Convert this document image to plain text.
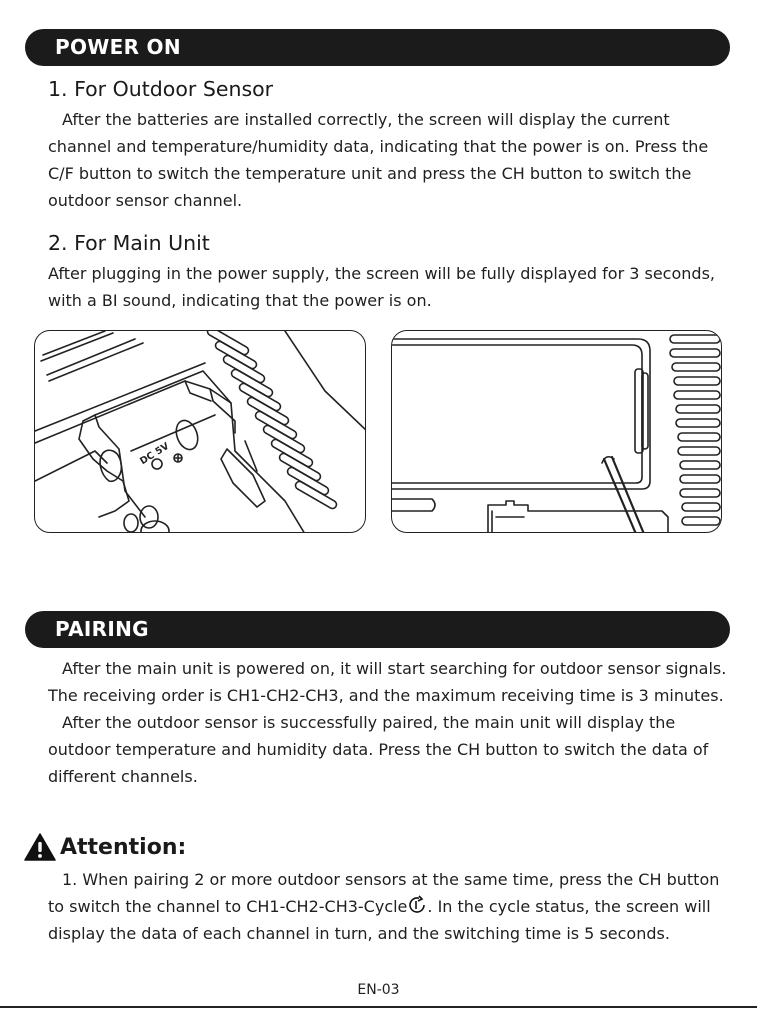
POWER ON
1. For Outdoor Sensor

After the batteries are installed correctly, the screen will display the current channel and temperature/humidity data, indicating that the power is on. Press the C/F button to switch the temperature unit and press the CH button to switch the outdoor sensor channel.

2. For Main Unit

After plugging in the power supply, the screen will be fully displayed for 3 seconds, with a BI sound, indicating that the power is on.

DC 5V
PAIRING

After the main unit is powered on, it will start searching for outdoor sensor signals. The receiving order is CH1-CH2-CH3, and the maximum receiving time is 3 minutes.

After the outdoor sensor is successfully paired, the main unit will display the outdoor temperature and humidity data. Press the CH button to switch the data of different channels.

Attention:

1. When pairing 2 or more outdoor sensors at the same time, press the CH button to switch the channel to CH1-CH2-CH3-Cycle . In the cycle status, the screen will display the data of each channel in turn, and the switching time is 5 seconds.

EN-03
